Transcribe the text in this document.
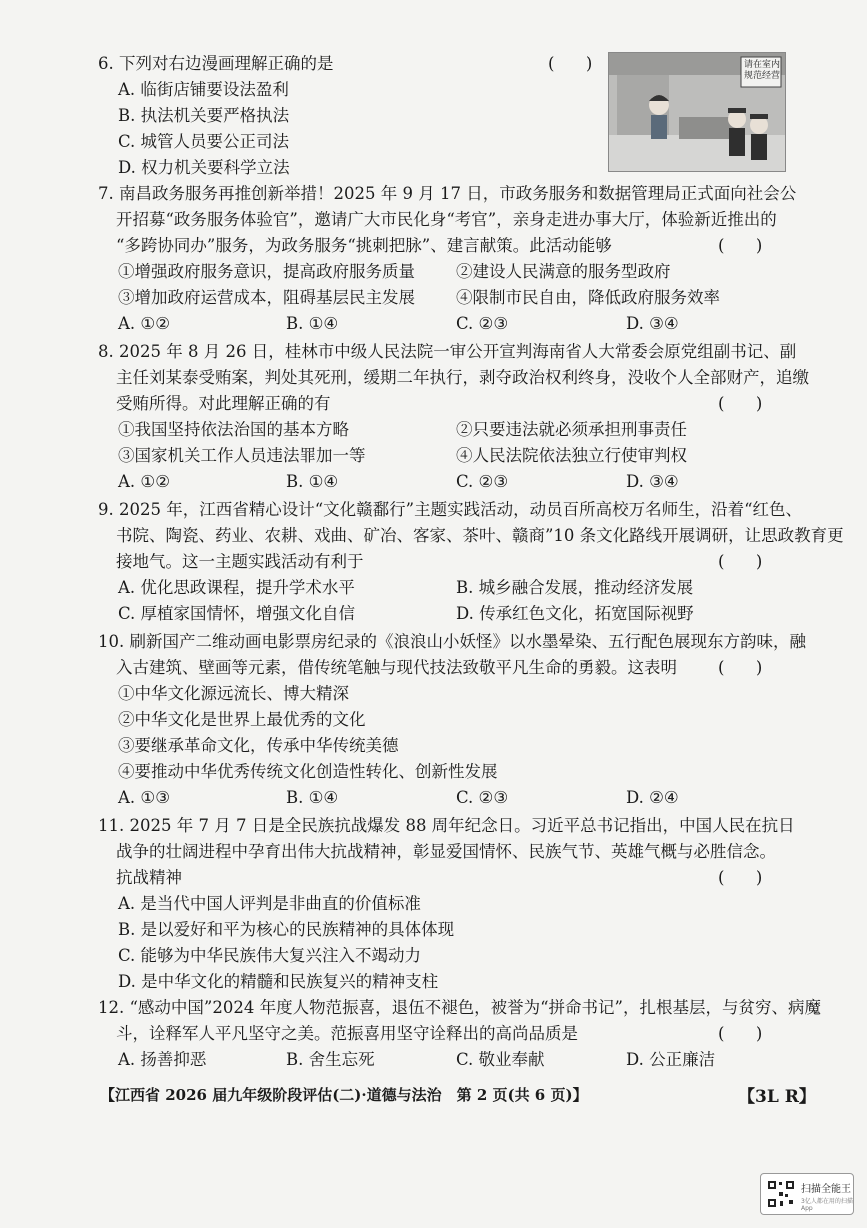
6. 下列对右边漫画理解正确的是	(      )
A. 临街店铺要设法盈利
B. 执法机关要严格执法
C. 城管人员要公正司法
D. 权力机关要科学立法
请在室内规范经营
7. 南昌政务服务再推创新举措！2025 年 9 月 17 日，市政务服务和数据管理局正式面向社会公
开招募“政务服务体验官”，邀请广大市民化身“考官”，亲身走进办事大厅，体验新近推出的
“多跨协同办”服务，为政务服务“挑刺把脉”、建言献策。此活动能够	(      )
①增强政府服务意识，提高政府服务质量 ②建设人民满意的服务型政府
③增加政府运营成本，阻碍基层民主发展 ④限制市民自由，降低政府服务效率
A. ①②	B. ①④	C. ②③	D. ③④
8. 2025 年 8 月 26 日，桂林市中级人民法院一审公开宣判海南省人大常委会原党组副书记、副
主任刘某泰受贿案，判处其死刑，缓期二年执行，剥夺政治权利终身，没收个人全部财产，追缴
受贿所得。对此理解正确的有	(      )
①我国坚持依法治国的基本方略	②只要违法就必须承担刑事责任
③国家机关工作人员违法罪加一等	④人民法院依法独立行使审判权
A. ①②	B. ①④	C. ②③	D. ③④
9. 2025 年，江西省精心设计“文化赣鄱行”主题实践活动，动员百所高校万名师生，沿着“红色、
书院、陶瓷、药业、农耕、戏曲、矿冶、客家、茶叶、赣商”10 条文化路线开展调研，让思政教育更
接地气。这一主题实践活动有利于	(      )
A. 优化思政课程，提升学术水平	B. 城乡融合发展，推动经济发展
C. 厚植家国情怀，增强文化自信	D. 传承红色文化，拓宽国际视野
10. 刷新国产二维动画电影票房纪录的《浪浪山小妖怪》以水墨晕染、五行配色展现东方韵味，融
入古建筑、壁画等元素，借传统笔触与现代技法致敬平凡生命的勇毅。这表明 (      )
①中华文化源远流长、博大精深
②中华文化是世界上最优秀的文化
③要继承革命文化，传承中华传统美德
④要推动中华优秀传统文化创造性转化、创新性发展
A. ①③	B. ①④	C. ②③	D. ②④
11. 2025 年 7 月 7 日是全民族抗战爆发 88 周年纪念日。习近平总书记指出，中国人民在抗日
战争的壮阔进程中孕育出伟大抗战精神，彰显爱国情怀、民族气节、英雄气概与必胜信念。
抗战精神	(      )
A. 是当代中国人评判是非曲直的价值标准
B. 是以爱好和平为核心的民族精神的具体体现
C. 能够为中华民族伟大复兴注入不竭动力
D. 是中华文化的精髓和民族复兴的精神支柱
12. “感动中国”2024 年度人物范振喜，退伍不褪色，被誉为“拼命书记”，扎根基层，与贫穷、病魔
斗，诠释军人平凡坚守之美。范振喜用坚守诠释出的高尚品质是	(      )
A. 扬善抑恶	B. 舍生忘死	C. 敬业奉献	D. 公正廉洁
【江西省 2026 届九年级阶段评估(二)·道德与法治　第 2 页(共 6 页)】	【3L R】
扫描全能王
3亿人都在用的扫描App
